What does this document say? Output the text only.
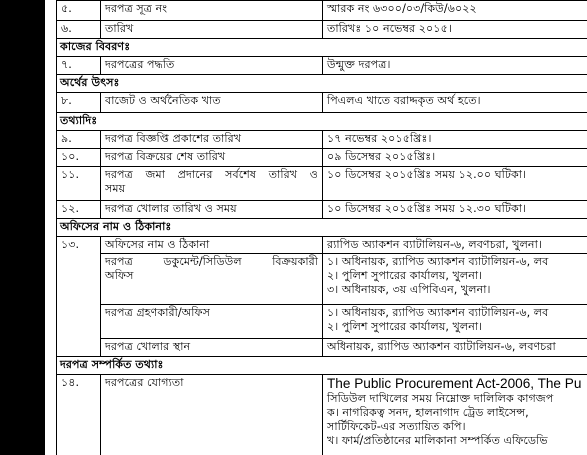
৫.	দরপত্র সূত্র নং	স্মারক নং ৬৩০০/০৩/কিউ/৬০২২
৬.	তারিখ	তারিখঃ ১০ নভেম্বর ২০১৫।
কাজের বিবরণঃ		
৭.	দরপত্রের পদ্ধতি	উন্মুক্ত দরপত্র।
অর্থের উৎসঃ		
৮.	বাজেট ও অর্থনৈতিক খাত	পিএলএ খাতে বরাদ্দকৃত অর্থ হতে।
তথ্যাদিঃ		
৯.	দরপত্র বিজ্ঞপ্তি প্রকাশের তারিখ	১৭ নভেম্বর ২০১৫খ্রিঃ।
১০.	দরপত্র বিক্রয়ের শেষ তারিখ	০৯ ডিসেম্বর ২০১৫খ্রিঃ।
১১.	দরপত্র জমা প্রদানের সর্বশেষ তারিখ ও
সময়	১০ ডিসেম্বর ২০১৫খ্রিঃ সময় ১২.০০ ঘটিকা।
১২.	দরপত্র খোলার তারিখ ও সময়	১০ ডিসেম্বর ২০১৫খ্রিঃ সময় ১২.৩০ ঘটিকা।
অফিসের নাম ও ঠিকানাঃ		
১৩.	অফিসের নাম ও ঠিকানা	র‍্যাপিড অ্যাকশন ব্যাটালিয়ন-৬, লবণচরা, খুলনা।

	দরপত্র ডকুমেন্ট/সিডিউল বিক্রয়কারী
অফিস	১। অধিনায়ক, র‍্যাপিড অ্যাকশন ব্যাটালিয়ন-৬, লব
২। পুলিশ সুপারের কার্যালয়, খুলনা।
৩। অধিনায়ক, ৩য় এপিবিএন, খুলনা।

	দরপত্র গ্রহণকারী/অফিস	১। অধিনায়ক, র‍্যাপিড অ্যাকশন ব্যাটালিয়ন-৬, লব
২। পুলিশ সুপারের কার্যালয়, খুলনা।

	দরপত্র খোলার স্থান	অধিনায়ক, র‍্যাপিড অ্যাকশন ব্যাটালিয়ন-৬, লবণচরা
দরপত্র সম্পর্কিত তথ্যাঃ		
১৪.	দরপত্রের যোগ্যতা	The Public Procurement Act-2006, The Pu
সিডিউল দাখিলের সময় নিম্নোক্ত দালিলিক কাগজপ
ক। নাগরিকত্ব সনদ, হালনাগাদ ট্রেড লাইসেন্স,
সার্টিফিকেট-এর সত্যায়িত কপি।
খ। ফার্ম/প্রতিষ্ঠানের মালিকানা সম্পর্কিত এফিডেভি
